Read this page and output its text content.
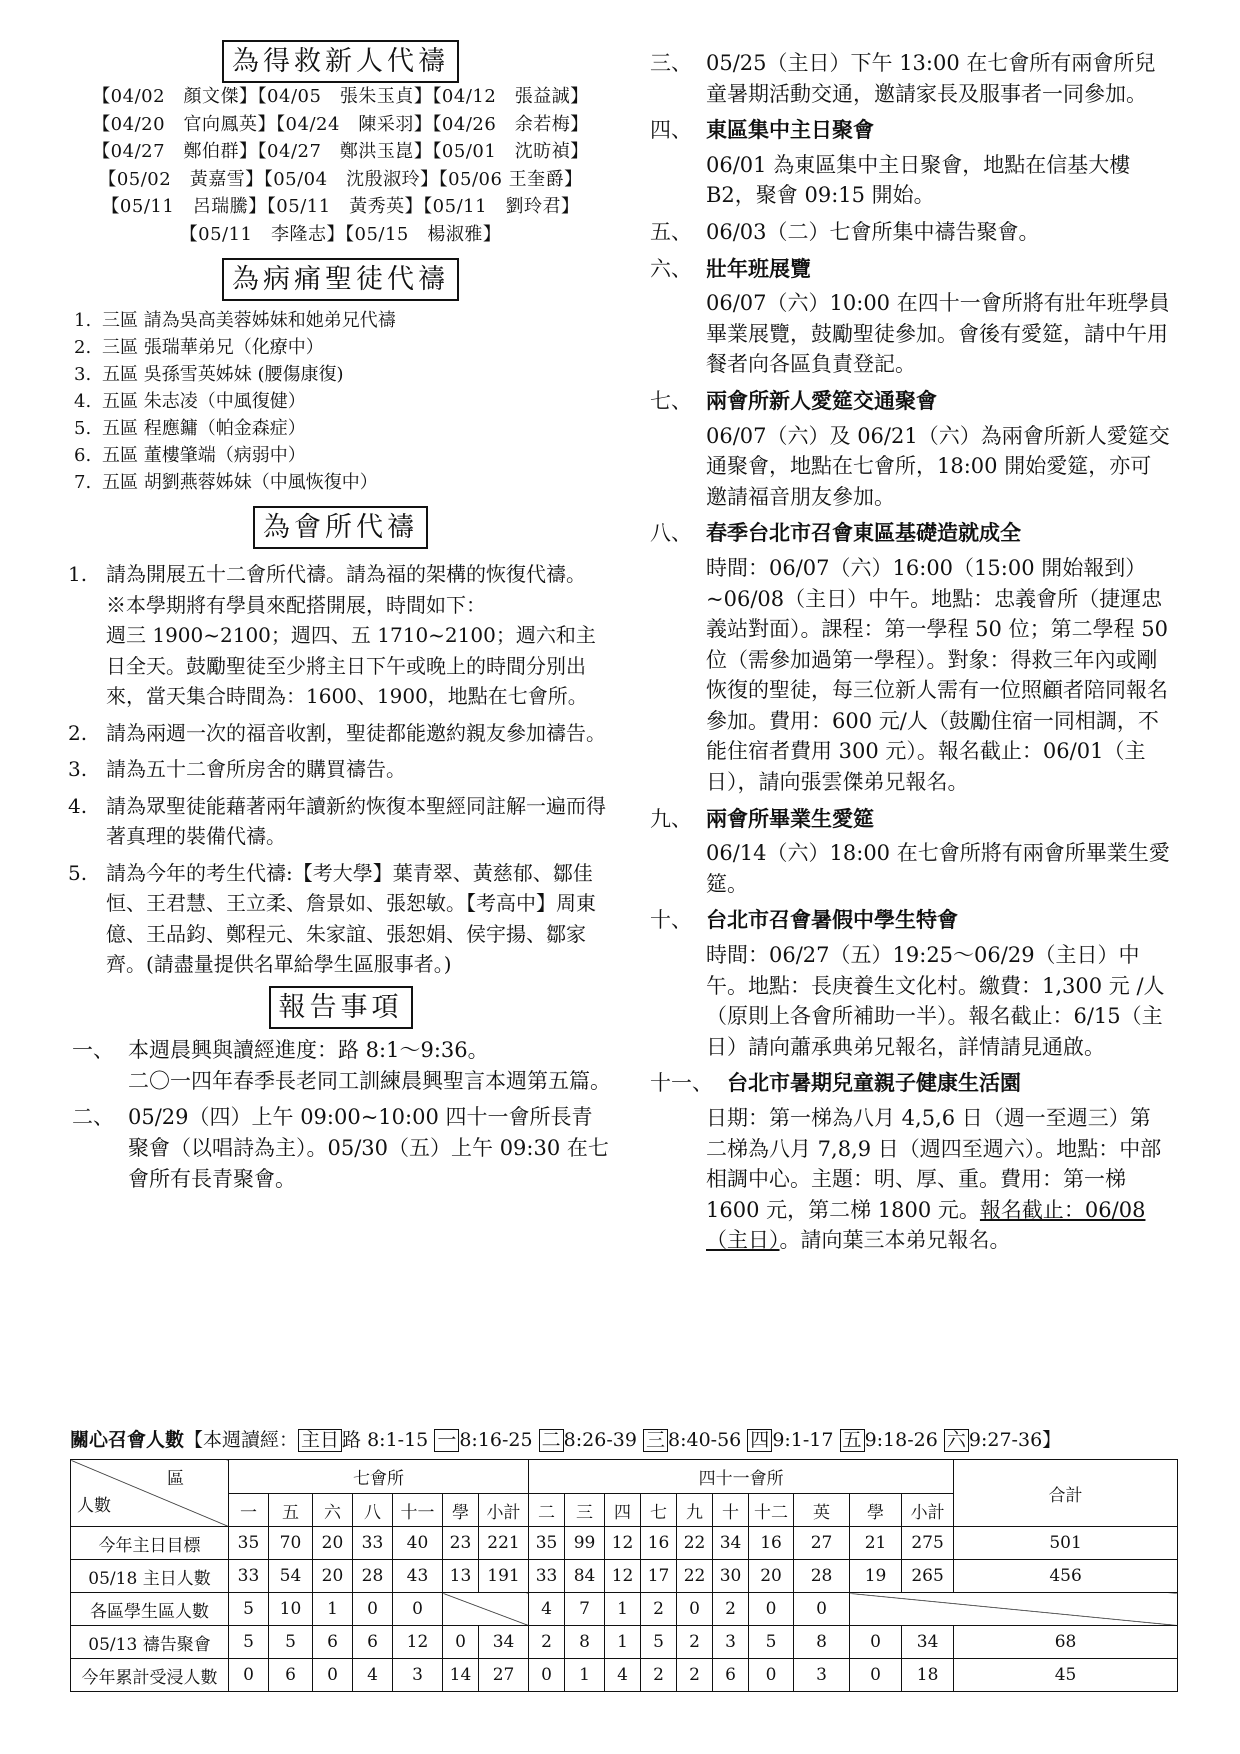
為得救新人代禱
【04/02　顏文傑】【04/05　張朱玉貞】【04/12　張益誠】
【04/20　官向鳳英】【04/24　陳采羽】【04/26　余若梅】
【04/27　鄭伯群】【04/27　鄭洪玉崑】【05/01　沈昉禎】
【05/02　黃嘉雪】【05/04　沈殷淑玲】【05/06 王奎爵】
【05/11　呂瑞騰】【05/11　黃秀英】【05/11　劉玲君】
【05/11　李隆志】【05/15　楊淑雅】
為病痛聖徒代禱
1. 三區 請為吳高美蓉姊妹和她弟兄代禱
2. 三區 張瑞華弟兄（化療中）
3. 五區 吳孫雪英姊妹 (腰傷康復)
4. 五區 朱志凌（中風復健）
5. 五區 程應鏞（帕金森症）
6. 五區 董樓肇端（病弱中）
7. 五區 胡劉燕蓉姊妹（中風恢復中）
為會所代禱
1. 請為開展五十二會所代禱。請為福的架構的恢復代禱。

※本學期將有學員來配搭開展，時間如下：

週三 1900~2100；週四、五 1710~2100；週六和主日全天。鼓勵聖徒至少將主日下午或晚上的時間分別出來，當天集合時間為：1600、1900，地點在七會所。

2. 請為兩週一次的福音收割，聖徒都能邀約親友參加禱告。

3. 請為五十二會所房舍的購買禱告。

4. 請為眾聖徒能藉著兩年讀新約恢復本聖經同註解一遍而得著真理的裝備代禱。

5. 請為今年的考生代禱:【考大學】葉青翠、黃慈郁、鄒佳恒、王君慧、王立柔、詹景如、張恕敏。【考高中】周東億、王品鈞、鄭程元、朱家誼、張恕娟、侯宇揚、鄒家齊。(請盡量提供名單給學生區服事者。)

報告事項
一、 本週晨興與讀經進度：路 8:1～9:36。

二〇一四年春季長老同工訓練晨興聖言本週第五篇。

二、 05/29（四）上午 09:00~10:00 四十一會所長青聚會（以唱詩為主）。05/30（五）上午 09:30 在七會所有長青聚會。

三、 05/25（主日）下午 13:00 在七會所有兩會所兒童暑期活動交通，邀請家長及服事者一同參加。

四、 東區集中主日聚會

06/01 為東區集中主日聚會，地點在信基大樓 B2，聚會 09:15 開始。

五、 06/03（二）七會所集中禱告聚會。

六、 壯年班展覽

06/07（六）10:00 在四十一會所將有壯年班學員畢業展覽，鼓勵聖徒參加。會後有愛筵，請中午用餐者向各區負責登記。

七、 兩會所新人愛筵交通聚會

06/07（六）及 06/21（六）為兩會所新人愛筵交通聚會，地點在七會所，18:00 開始愛筵，亦可邀請福音朋友參加。

八、 春季台北市召會東區基礎造就成全

時間：06/07（六）16:00（15:00 開始報到）~06/08（主日）中午。地點：忠義會所（捷運忠義站對面）。課程：第一學程 50 位；第二學程 50 位（需參加過第一學程）。對象：得救三年內或剛恢復的聖徒，每三位新人需有一位照顧者陪同報名參加。費用：600 元/人（鼓勵住宿一同相調，不能住宿者費用 300 元）。報名截止：06/01（主日），請向張雲傑弟兄報名。

九、 兩會所畢業生愛筵

06/14（六）18:00 在七會所將有兩會所畢業生愛筵。

十、 台北市召會暑假中學生特會

時間：06/27（五）19:25～06/29（主日）中午。地點：長庚養生文化村。繳費：1,300 元 /人（原則上各會所補助一半）。報名截止：6/15（主日）請向蕭承典弟兄報名，詳情請見通啟。

十一、
　台北市暑期兒童親子健康生活園

日期：第一梯為八月 4,5,6 日（週一至週三）第二梯為八月 7,8,9 日（週四至週六）。地點：中部相調中心。主題：明、厚、重。費用：第一梯 1600 元，第二梯 1800 元。報名截止：06/08（主日）。請向葉三本弟兄報名。

關心召會人數【本週讀經： 主日 路 8:1-15 一 8:16-25 二 8:26-39 三 8:40-56 四 9:1-17 五 9:18-26 六 9:27-36】
區
人數	七會所							四十一會所										合計
	一	五	六	八	十一	學	小計	二	三	四	七	九	十	十二	英	學	小計	
今年主日目標	35	70	20	33	40	23	221	35	99	12	16	22	34	16	27	21	275	501
05/18 主日人數	33	54	20	28	43	13	191	33	84	12	17	22	30	20	28	19	265	456
各區學生區人數	5	10	1	0	0			4	7	1	2	0	2	0	0			
05/13 禱告聚會	5	5	6	6	12	0	34	2	8	1	5	2	3	5	8	0	34	68
今年累計受浸人數	0	6	0	4	3	14	27	0	1	4	2	2	6	0	3	0	18	45
